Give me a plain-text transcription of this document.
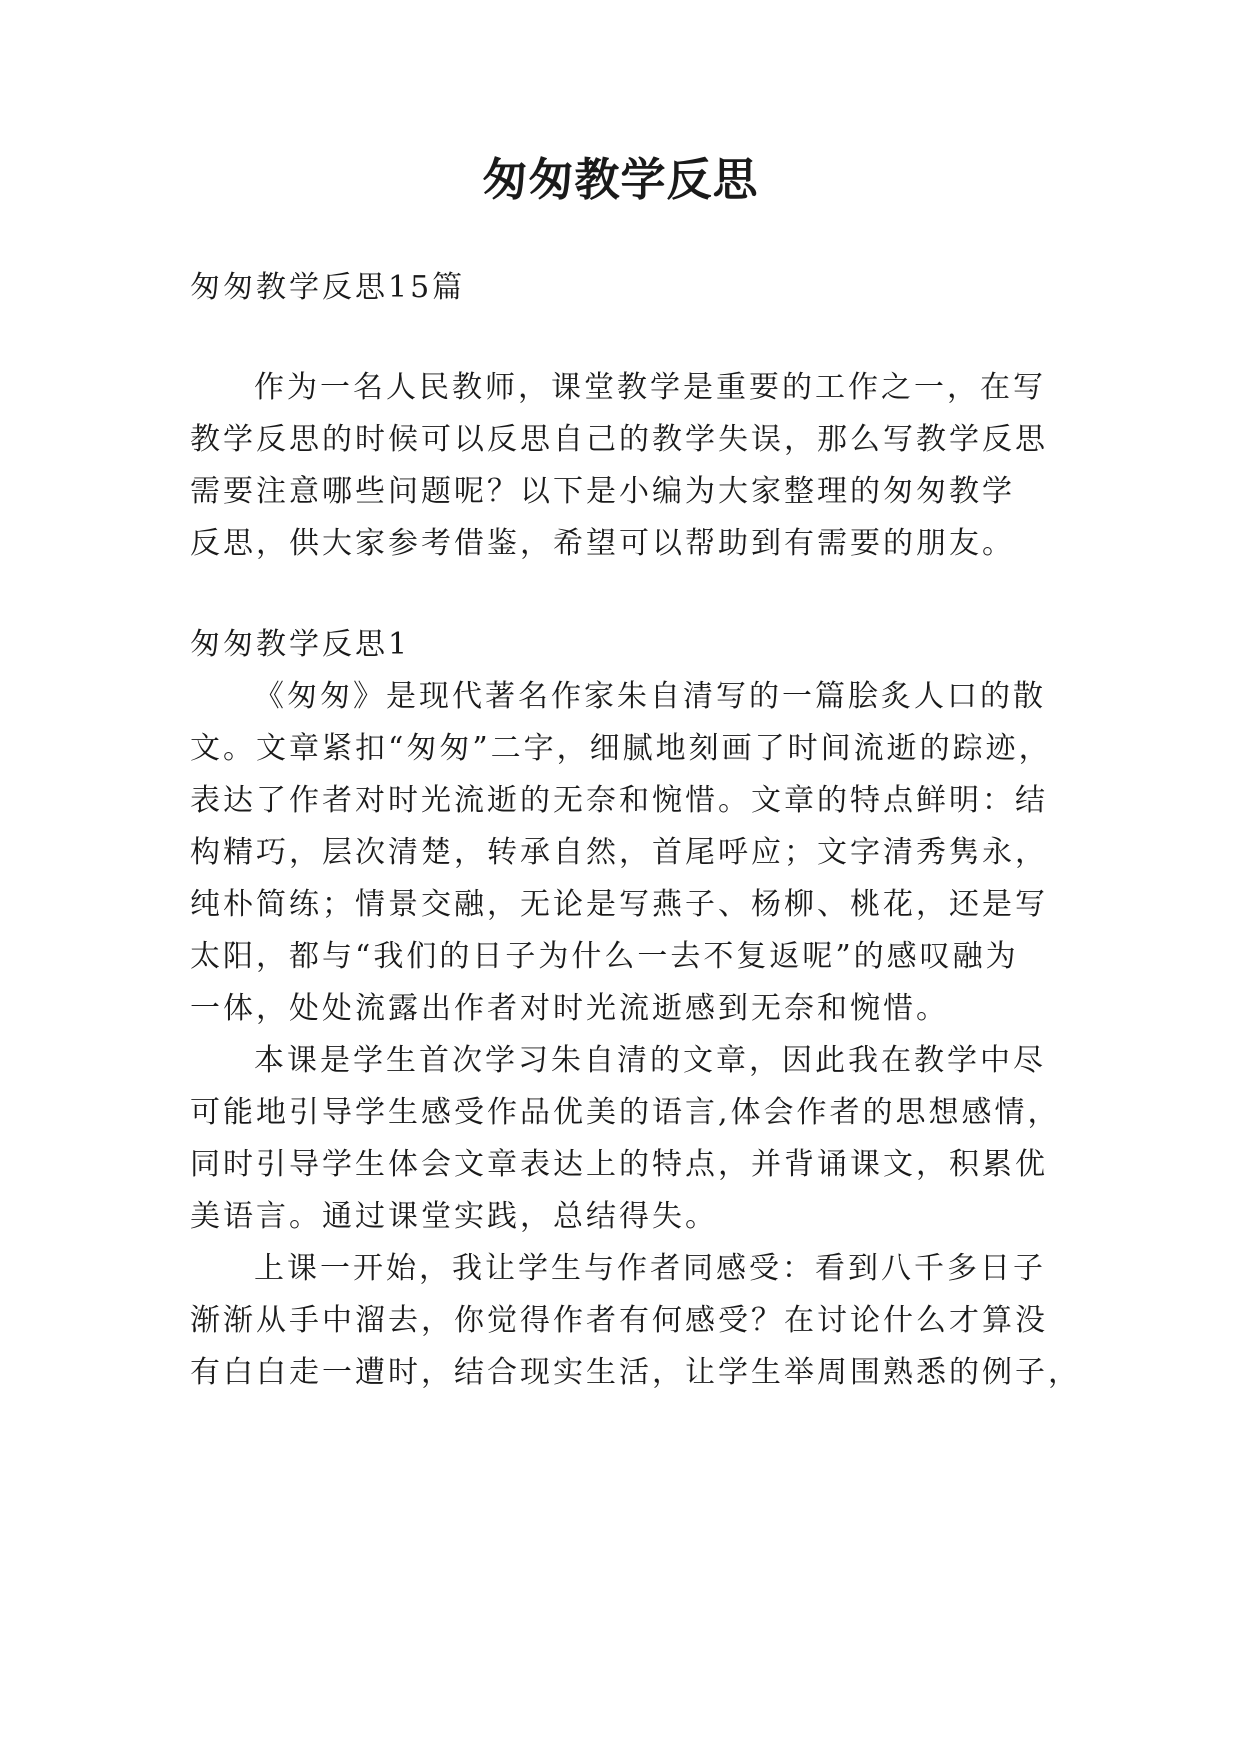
匆匆教学反思

匆匆教学反思15篇

作为一名人民教师，课堂教学是重要的工作之一，在写

教学反思的时候可以反思自己的教学失误，那么写教学反思

需要注意哪些问题呢？以下是小编为大家整理的匆匆教学

反思，供大家参考借鉴，希望可以帮助到有需要的朋友。

匆匆教学反思1

《匆匆》是现代著名作家朱自清写的一篇脍炙人口的散

文。文章紧扣“匆匆”二字，细腻地刻画了时间流逝的踪迹，

表达了作者对时光流逝的无奈和惋惜。文章的特点鲜明：结

构精巧，层次清楚，转承自然，首尾呼应；文字清秀隽永，

纯朴简练；情景交融，无论是写燕子、杨柳、桃花，还是写

太阳，都与“我们的日子为什么一去不复返呢”的感叹融为

一体，处处流露出作者对时光流逝感到无奈和惋惜。

本课是学生首次学习朱自清的文章，因此我在教学中尽

可能地引导学生感受作品优美的语言,体会作者的思想感情，

同时引导学生体会文章表达上的特点，并背诵课文，积累优

美语言。通过课堂实践，总结得失。

上课一开始，我让学生与作者同感受：看到八千多日子

渐渐从手中溜去，你觉得作者有何感受？在讨论什么才算没

有白白走一遭时，结合现实生活，让学生举周围熟悉的例子，
